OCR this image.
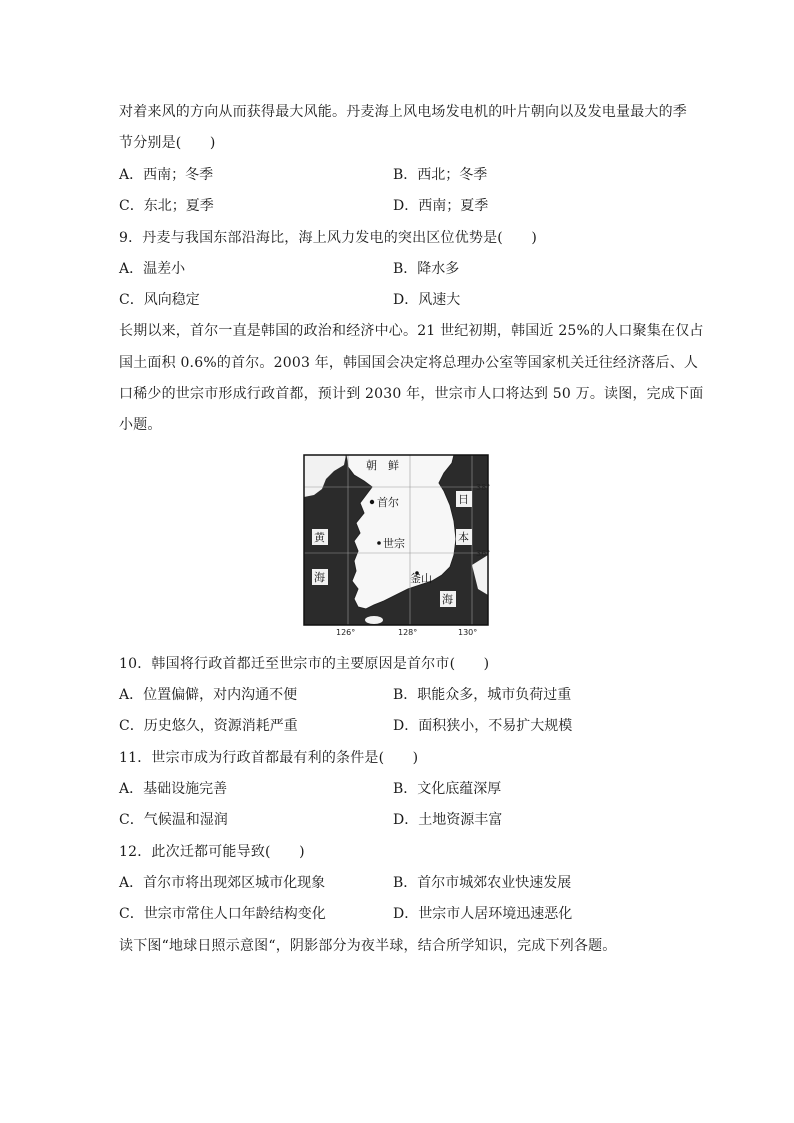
对着来风的方向从而获得最大风能。丹麦海上风电场发电机的叶片朝向以及发电量最大的季
节分别是(　　)
A．西南；冬季	B．西北；冬季
C．东北；夏季	D．西南；夏季
9．丹麦与我国东部沿海比，海上风力发电的突出区位优势是(　　)
A．温差小	B．降水多
C．风向稳定	D．风速大
长期以来，首尔一直是韩国的政治和经济中心。21 世纪初期，韩国近 25%的人口聚集在仅占
国土面积 0.6%的首尔。2003 年，韩国国会决定将总理办公室等国家机关迁往经济落后、人
口稀少的世宗市形成行政首都，预计到 2030 年，世宗市人口将达到 50 万。读图，完成下面
小题。
朝　鲜
首尔
世宗
釜山
黄
海
日
本
海
38°
36°
126°	128°	130°
10．韩国将行政首都迁至世宗市的主要原因是首尔市(　　)
A．位置偏僻，对内沟通不便	B．职能众多，城市负荷过重
C．历史悠久，资源消耗严重	D．面积狭小，不易扩大规模
11．世宗市成为行政首都最有利的条件是(　　)
A．基础设施完善	B．文化底蕴深厚
C．气候温和湿润	D．土地资源丰富
12．此次迁都可能导致(　　)
A．首尔市将出现郊区城市化现象	B．首尔市城郊农业快速发展
C．世宗市常住人口年龄结构变化	D．世宗市人居环境迅速恶化
读下图“地球日照示意图“，阴影部分为夜半球，结合所学知识，完成下列各题。
